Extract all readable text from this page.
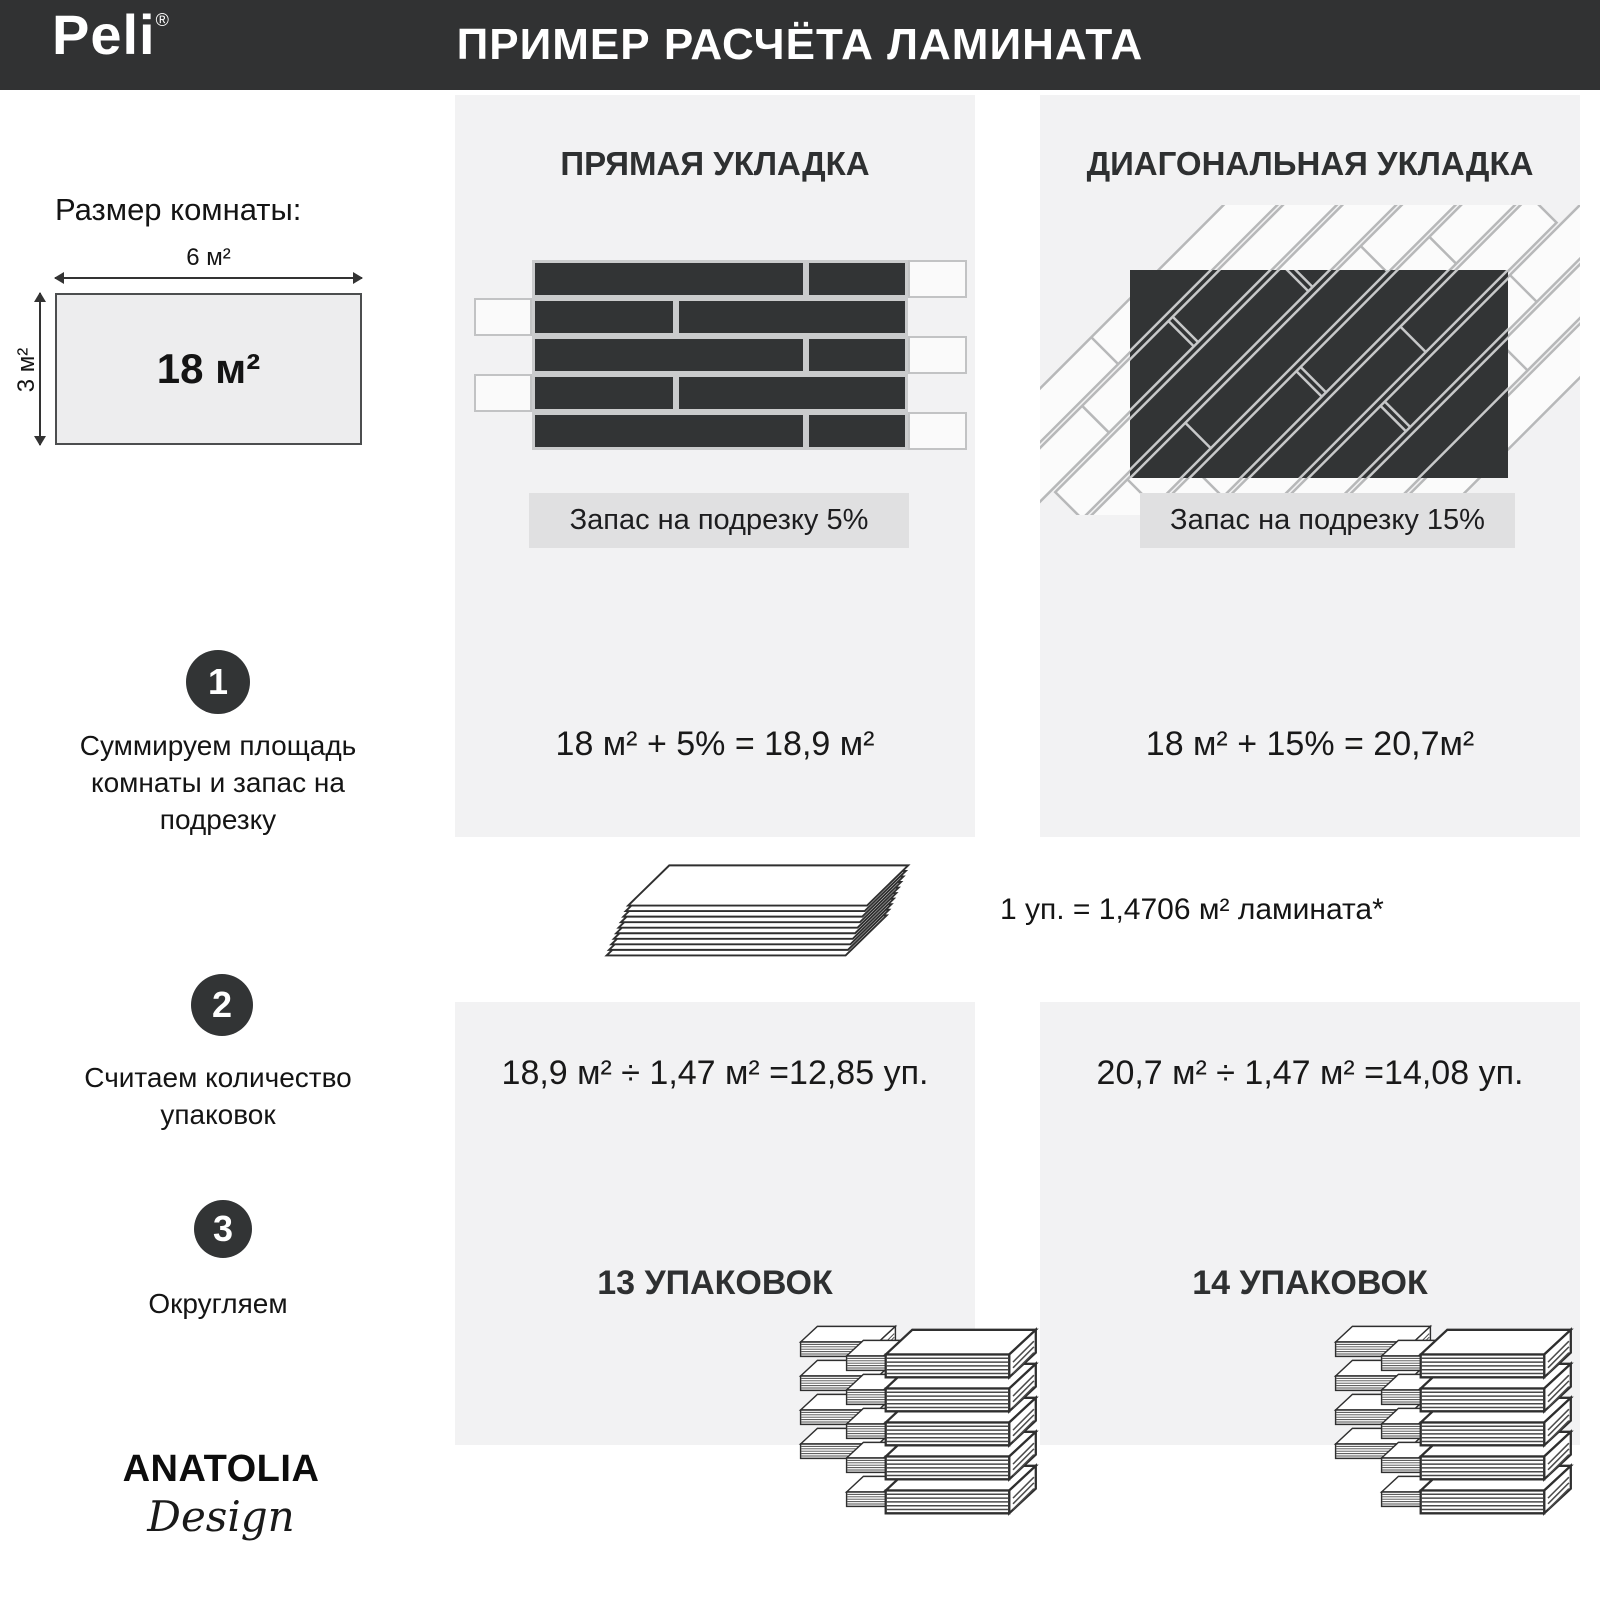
Peli®	ПРИМЕР РАСЧЁТА ЛАМИНАТА
Размер комнаты:
6 м²
3 м²	18 м²
1
Суммируем площадь комнаты и запас на подрезку
2
Считаем количество упаковок
3
Округляем
ПРЯМАЯ УКЛАДКА
Запас на подрезку 5%
18 м² + 5% = 18,9 м²
ДИАГОНАЛЬНАЯ УКЛАДКА
Запас на подрезку 15%
18 м² + 15% = 20,7м²
1 уп. = 1,4706 м² ламината*
18,9 м² ÷ 1,47 м² =12,85 уп.
13 УПАКОВОК
20,7 м² ÷ 1,47 м² =14,08 уп.
14 УПАКОВОК
ANATOLIA
Design
